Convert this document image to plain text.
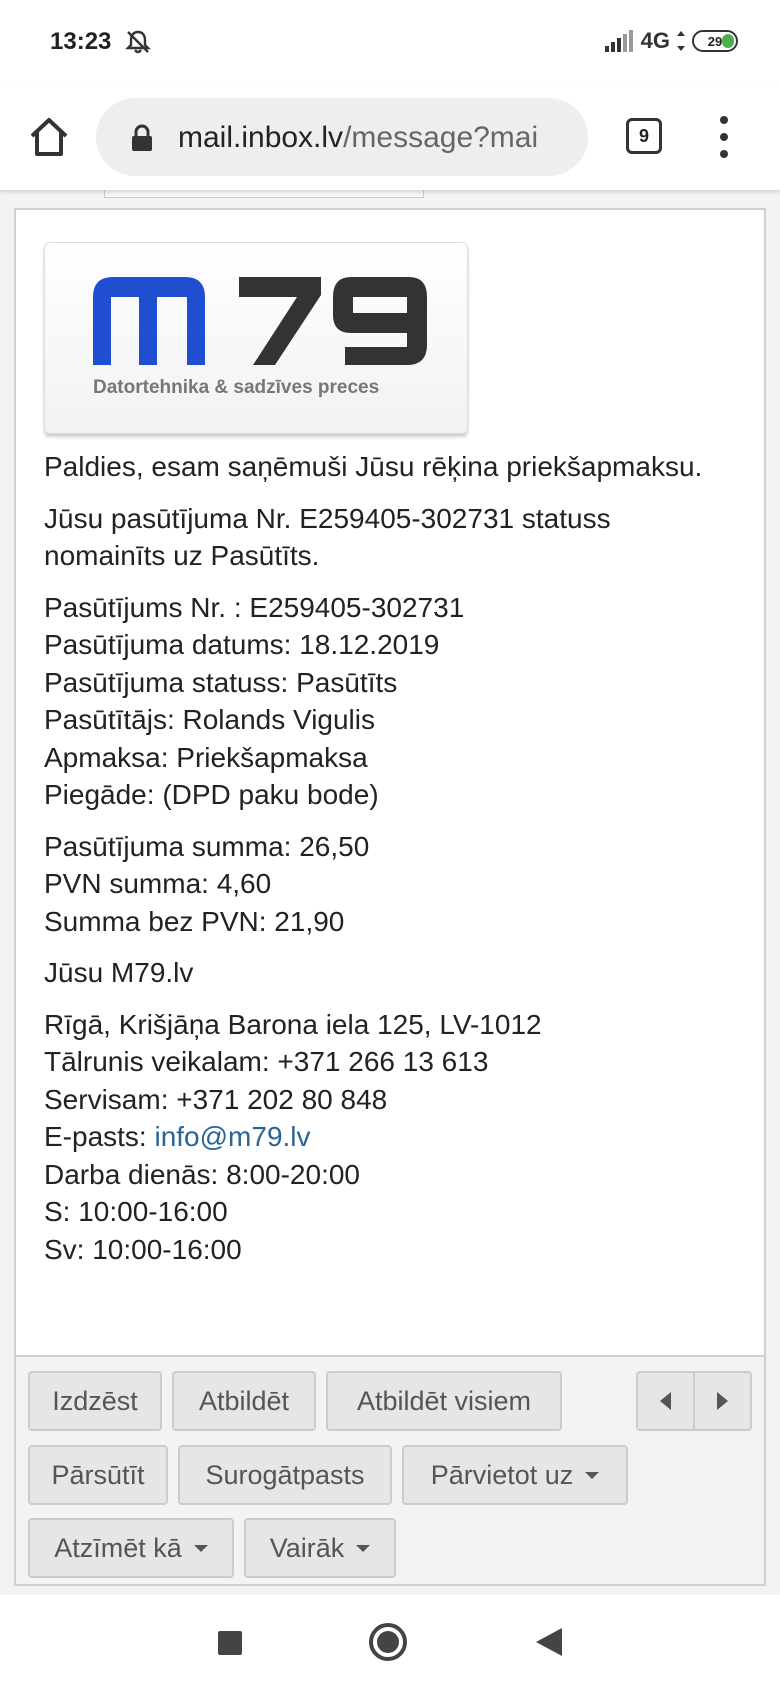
13:23	4G	29
mail.inbox.lv/message?mai	9
Datortehnika & sadzīves preces
Paldies, esam saņēmuši Jūsu rēķina priekšapmaksu.
Jūsu pasūtījuma Nr. E259405-302731 statuss nomainīts uz Pasūtīts.
Pasūtījums Nr. : E259405-302731
Pasūtījuma datums: 18.12.2019
Pasūtījuma statuss: Pasūtīts
Pasūtītājs: Rolands Vigulis
Apmaksa: Priekšapmaksa
Piegāde: (DPD paku bode)
Pasūtījuma summa: 26,50
PVN summa: 4,60
Summa bez PVN: 21,90
Jūsu M79.lv
Rīgā, Krišjāņa Barona iela 125, LV-1012
Tālrunis veikalam: +371 266 13 613
Servisam: +371 202 80 848
E-pasts: info@m79.lv
Darba dienās: 8:00-20:00
S: 10:00-16:00
Sv: 10:00-16:00
Izdzēst	Atbildēt	Atbildēt visiem
Pārsūtīt	Surogātpasts	Pārvietot uz
Atzīmēt kā	Vairāk
